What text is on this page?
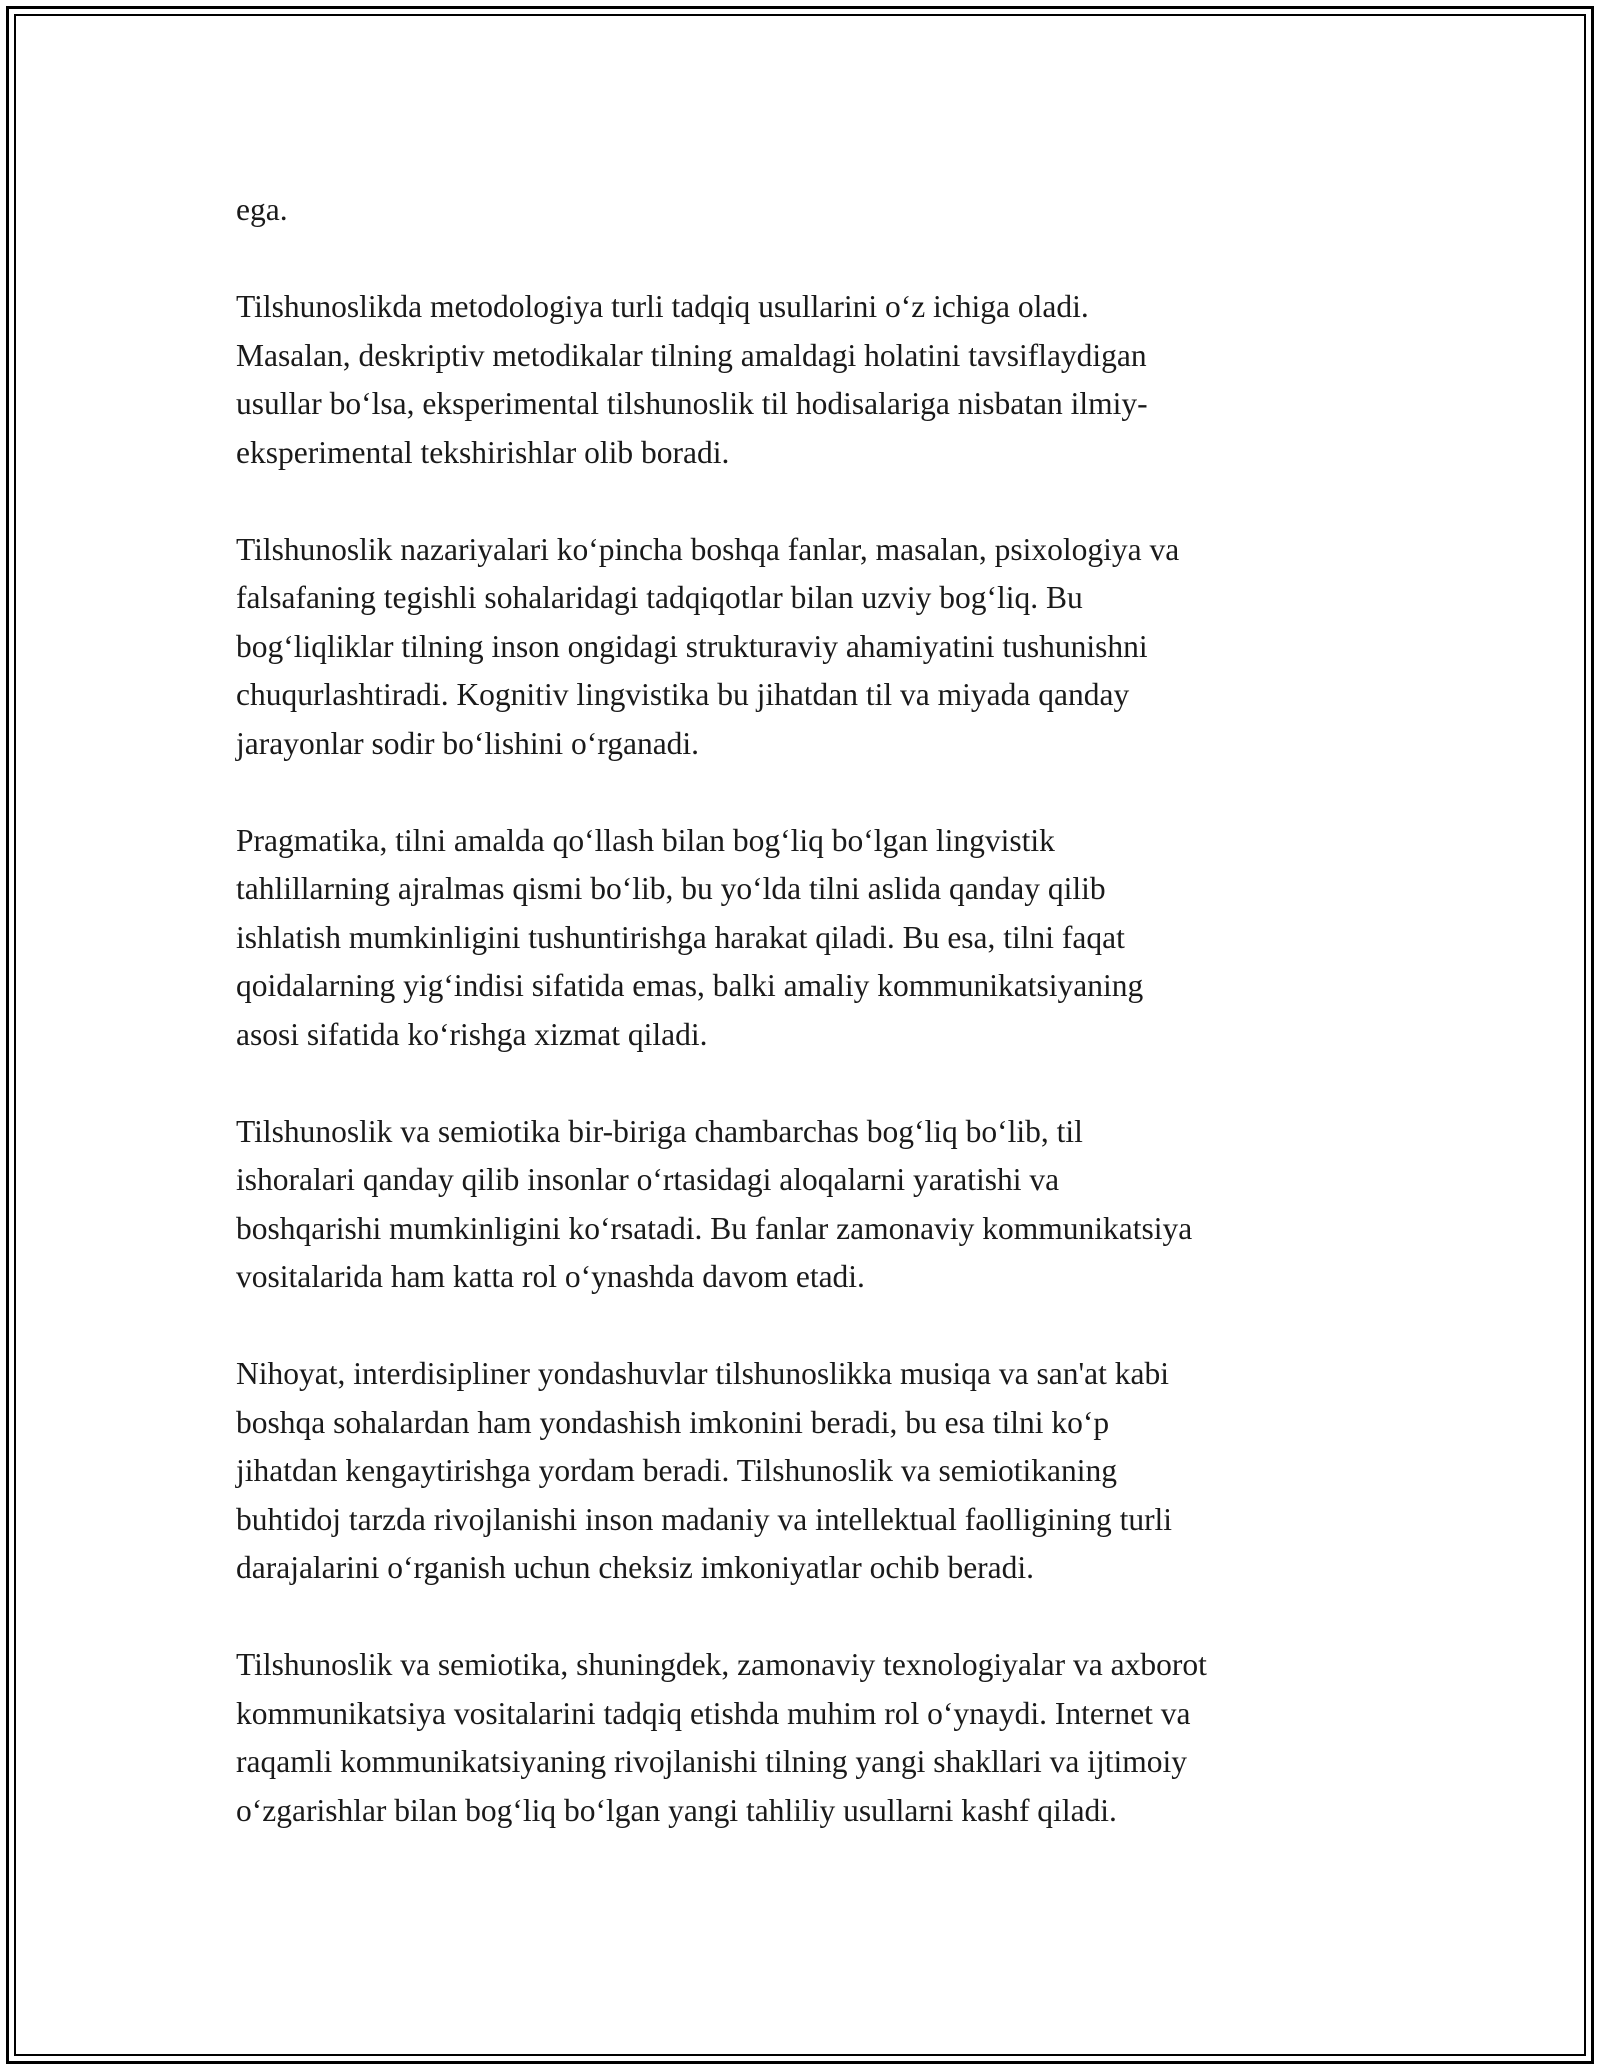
ega.

Tilshunoslikda metodologiya turli tadqiq usullarini oʻz ichiga oladi.
Masalan, deskriptiv metodikalar tilning amaldagi holatini tavsiflaydigan
usullar boʻlsa, eksperimental tilshunoslik til hodisalariga nisbatan ilmiy-
eksperimental tekshirishlar olib boradi.

Tilshunoslik nazariyalari koʻpincha boshqa fanlar, masalan, psixologiya va
falsafaning tegishli sohalaridagi tadqiqotlar bilan uzviy bogʻliq. Bu
bogʻliqliklar tilning inson ongidagi strukturaviy ahamiyatini tushunishni
chuqurlashtiradi. Kognitiv lingvistika bu jihatdan til va miyada qanday
jarayonlar sodir boʻlishini oʻrganadi.

Pragmatika, tilni amalda qoʻllash bilan bogʻliq boʻlgan lingvistik
tahlillarning ajralmas qismi boʻlib, bu yoʻlda tilni aslida qanday qilib
ishlatish mumkinligini tushuntirishga harakat qiladi. Bu esa, tilni faqat
qoidalarning yigʻindisi sifatida emas, balki amaliy kommunikatsiyaning
asosi sifatida koʻrishga xizmat qiladi.

Tilshunoslik va semiotika bir-biriga chambarchas bogʻliq boʻlib, til
ishoralari qanday qilib insonlar oʻrtasidagi aloqalarni yaratishi va
boshqarishi mumkinligini koʻrsatadi. Bu fanlar zamonaviy kommunikatsiya
vositalarida ham katta rol oʻynashda davom etadi.

Nihoyat, interdisipliner yondashuvlar tilshunoslikka musiqa va san'at kabi
boshqa sohalardan ham yondashish imkonini beradi, bu esa tilni koʻp
jihatdan kengaytirishga yordam beradi. Tilshunoslik va semiotikaning
buhtidoj tarzda rivojlanishi inson madaniy va intellektual faolligining turli
darajalarini oʻrganish uchun cheksiz imkoniyatlar ochib beradi.

Tilshunoslik va semiotika, shuningdek, zamonaviy texnologiyalar va axborot
kommunikatsiya vositalarini tadqiq etishda muhim rol oʻynaydi. Internet va
raqamli kommunikatsiyaning rivojlanishi tilning yangi shakllari va ijtimoiy
oʻzgarishlar bilan bogʻliq boʻlgan yangi tahliliy usullarni kashf qiladi.
